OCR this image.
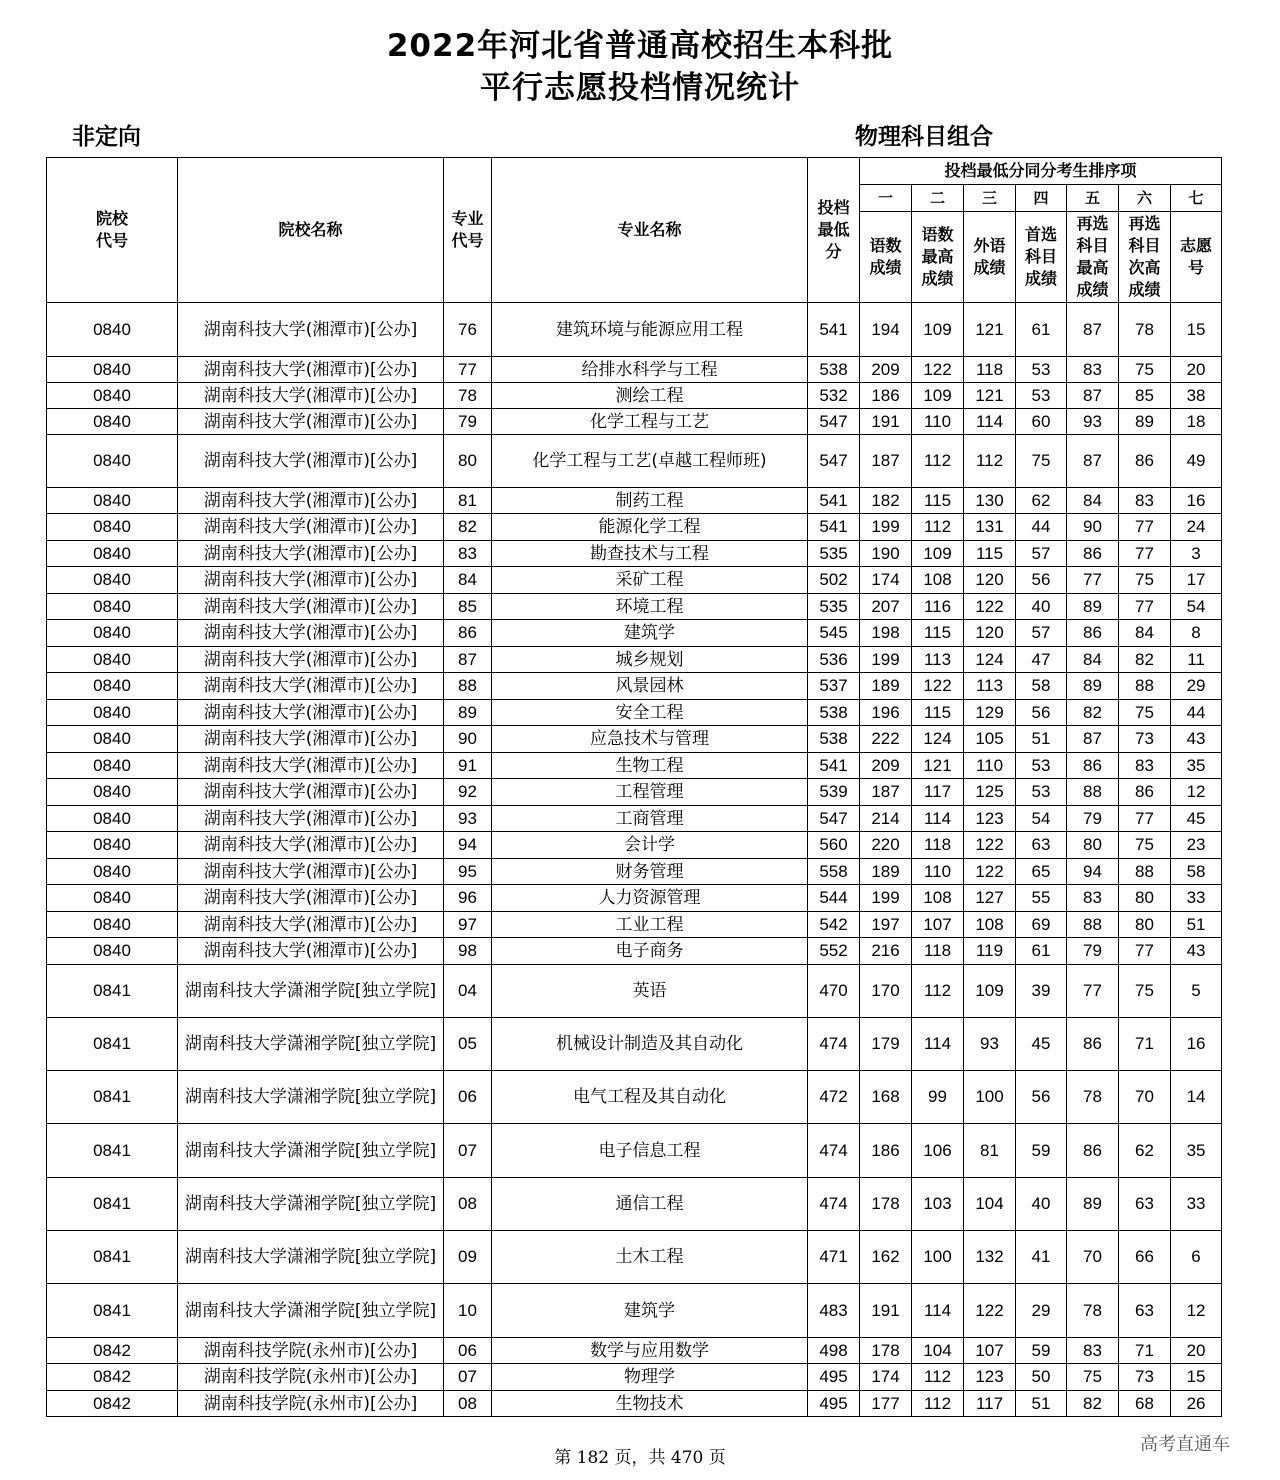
2022年河北省普通高校招生本科批
平行志愿投档情况统计
非定向	物理科目组合
院校代号	院校名称	专业代号	专业名称	投档最低分	投档最低分同分考生排序项						
					一	二	三	四	五	六	七

					语数成绩	语数最高成绩	外语成绩	首选科目成绩	再选科目最高成绩	再选科目次高成绩	志愿号

0840	湖南科技大学(湘潭市)[公办]	76	建筑环境与能源应用工程	541	194	109	121	61	87	78	15
0840	湖南科技大学(湘潭市)[公办]	77	给排水科学与工程	538	209	122	118	53	83	75	20
0840	湖南科技大学(湘潭市)[公办]	78	测绘工程	532	186	109	121	53	87	85	38
0840	湖南科技大学(湘潭市)[公办]	79	化学工程与工艺	547	191	110	114	60	93	89	18
0840	湖南科技大学(湘潭市)[公办]	80	化学工程与工艺(卓越工程师班)	547	187	112	112	75	87	86	49
0840	湖南科技大学(湘潭市)[公办]	81	制药工程	541	182	115	130	62	84	83	16
0840	湖南科技大学(湘潭市)[公办]	82	能源化学工程	541	199	112	131	44	90	77	24
0840	湖南科技大学(湘潭市)[公办]	83	勘查技术与工程	535	190	109	115	57	86	77	3
0840	湖南科技大学(湘潭市)[公办]	84	采矿工程	502	174	108	120	56	77	75	17
0840	湖南科技大学(湘潭市)[公办]	85	环境工程	535	207	116	122	40	89	77	54
0840	湖南科技大学(湘潭市)[公办]	86	建筑学	545	198	115	120	57	86	84	8
0840	湖南科技大学(湘潭市)[公办]	87	城乡规划	536	199	113	124	47	84	82	11
0840	湖南科技大学(湘潭市)[公办]	88	风景园林	537	189	122	113	58	89	88	29
0840	湖南科技大学(湘潭市)[公办]	89	安全工程	538	196	115	129	56	82	75	44
0840	湖南科技大学(湘潭市)[公办]	90	应急技术与管理	538	222	124	105	51	87	73	43
0840	湖南科技大学(湘潭市)[公办]	91	生物工程	541	209	121	110	53	86	83	35
0840	湖南科技大学(湘潭市)[公办]	92	工程管理	539	187	117	125	53	88	86	12
0840	湖南科技大学(湘潭市)[公办]	93	工商管理	547	214	114	123	54	79	77	45
0840	湖南科技大学(湘潭市)[公办]	94	会计学	560	220	118	122	63	80	75	23
0840	湖南科技大学(湘潭市)[公办]	95	财务管理	558	189	110	122	65	94	88	58
0840	湖南科技大学(湘潭市)[公办]	96	人力资源管理	544	199	108	127	55	83	80	33
0840	湖南科技大学(湘潭市)[公办]	97	工业工程	542	197	107	108	69	88	80	51
0840	湖南科技大学(湘潭市)[公办]	98	电子商务	552	216	118	119	61	79	77	43
0841	湖南科技大学潇湘学院[独立学院]	04	英语	470	170	112	109	39	77	75	5
0841	湖南科技大学潇湘学院[独立学院]	05	机械设计制造及其自动化	474	179	114	93	45	86	71	16
0841	湖南科技大学潇湘学院[独立学院]	06	电气工程及其自动化	472	168	99	100	56	78	70	14
0841	湖南科技大学潇湘学院[独立学院]	07	电子信息工程	474	186	106	81	59	86	62	35
0841	湖南科技大学潇湘学院[独立学院]	08	通信工程	474	178	103	104	40	89	63	33
0841	湖南科技大学潇湘学院[独立学院]	09	土木工程	471	162	100	132	41	70	66	6
0841	湖南科技大学潇湘学院[独立学院]	10	建筑学	483	191	114	122	29	78	63	12
0842	湖南科技学院(永州市)[公办]	06	数学与应用数学	498	178	104	107	59	83	71	20
0842	湖南科技学院(永州市)[公办]	07	物理学	495	174	112	123	50	75	73	15
0842	湖南科技学院(永州市)[公办]	08	生物技术	495	177	112	117	51	82	68	26
第 182 页，共 470 页
高考直通车
